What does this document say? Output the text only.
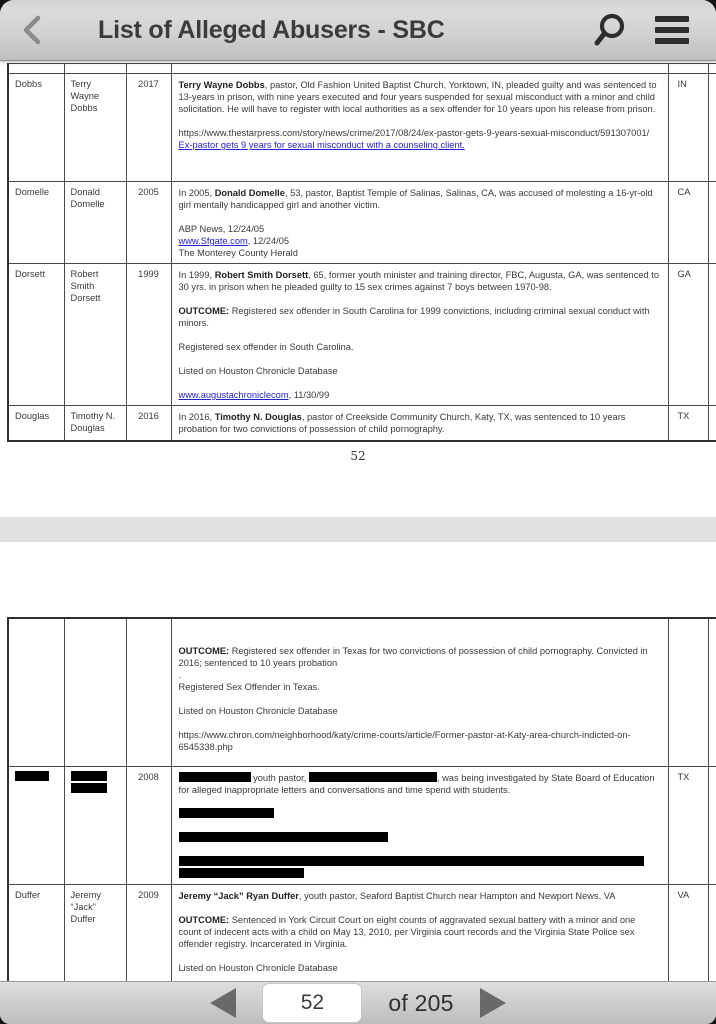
List of Alleged Abusers - SBC

Dobbs	Terry Wayne Dobbs	2017	Terry Wayne Dobbs, pastor, Old Fashion United Baptist Church, Yorktown, IN, pleaded guilty and was sentenced to 13-years in prison, with nine years executed and four years suspended for sexual misconduct with a minor and child solicitation. He will have to register with local authorities as a sex offender for 10 years upon his release from prison.
https://www.thestarpress.com/story/news/crime/2017/08/24/ex-pastor-gets-9-years-sexual-misconduct/591307001/
Ex-pastor gets 9 years for sexual misconduct with a counseling client.	IN	

Domelle	Donald Domelle	2005	In 2005, Donald Domelle, 53, pastor, Baptist Temple of Salinas, Salinas, CA, was accused of molesting a 16-yr-old girl mentally handicapped girl and another victim.
ABP News, 12/24/05
www.Sfgate.com, 12/24/05
The Monterey County Herald	CA	

Dorsett	Robert Smith Dorsett	1999	In 1999, Robert Smith Dorsett, 65, former youth minister and training director, FBC, Augusta, GA, was sentenced to 30 yrs. in prison when he pleaded guilty to 15 sex crimes against 7 boys between 1970-98.
OUTCOME: Registered sex offender in South Carolina for 1999 convictions, including criminal sexual conduct with minors.
Registered sex offender in South Carolina.
Listed on Houston Chronicle Database
www.augustachroniclecom, 11/30/99	GA	

Douglas	Timothy N. Douglas	2016	In 2016, Timothy N. Douglas, pastor of Creekside Community Church, Katy, TX, was sentenced to 10 years probation for two convictions of possession of child pornography.	TX	

52

			OUTCOME: Registered sex offender in Texas for two convictions of possession of child pornography. Convicted in 2016; sentenced to 10 years probation
.
Registered Sex Offender in Texas.
Listed on Houston Chronicle Database
https://www.chron.com/neighborhood/katy/crime-courts/article/Former-pastor-at-Katy-area-church-indicted-on-6545338.php		

		2008	youth pastor, , was being investigated by State Board of Education for alleged inappropriate letters and conversations and time spend with students.	TX	

Duffer	Jeremy “Jack” Duffer	2009	Jeremy “Jack” Ryan Duffer, youth pastor, Seaford Baptist Church near Hampton and Newport News, VA
OUTCOME: Sentenced in York Circuit Court on eight counts of aggravated sexual battery with a minor and one count of indecent acts with a child on May 13, 2010, per Virginia court records and the Virginia State Police sex offender registry. Incarcerated in Virginia.
Listed on Houston Chronicle Database	VA	

52
of 205
